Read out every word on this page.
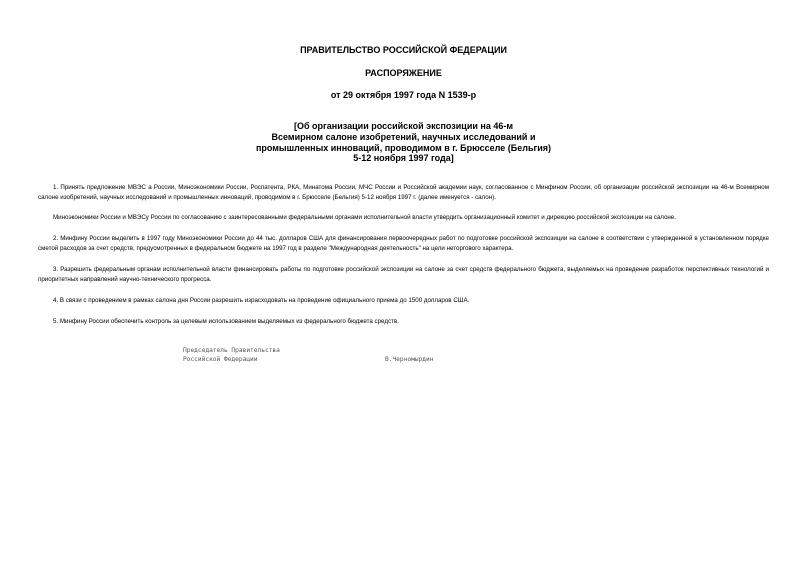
ПРАВИТЕЛЬСТВО РОССИЙСКОЙ ФЕДЕРАЦИИ
РАСПОРЯЖЕНИЕ
от 29 октября 1997 года N 1539-р
[Об организации российской экспозиции на 46-м
Всемирном салоне изобретений, научных исследований и
промышленных инноваций, проводимом в г. Брюсселе (Бельгия)
5-12 ноября 1997 года]
1. Принять предложение МВЭС а России, Миноэкономики России, Роспатента, РКА, Минатома России, МЧС России и Российской академии наук, согласованное с Минфином России, об организации российской экспозиции на 46-м Всемирном салоне изобретений, научных исследований и промышленных инноваций, проводимом в г. Брюсселе (Бельгия) 5-12 ноября 1997 г. (далее именуется - салон).
Миноэкономики России и МВЭСу России по согласованию с заинтересованными федеральными органами исполнительной власти утвердить организационный комитет и дирекцию российской экспозиции на салоне.
2. Минфину России выделить в 1997 году Миноэкономики России до 44 тыс. долларов США для финансирования первоочередных работ по подготовке российской экспозиции на салоне в соответствии с утвержденной в установленном порядке сметой расходов за счет средств, предусмотренных в федеральном бюджете на 1997 год в разделе "Международная деятельность" на цели неторгового характера.
3. Разрешить федеральным органам исполнительной власти финансировать работы по подготовке российской экспозиции на салоне за счет средств федерального бюджета, выделяемых на проведение разработок перспективных технологий и приоритетных направлений научно-технического прогресса.
4. В связи с проведением в рамках салона дня России разрешить израсходовать на проведение официального приема до 1500 долларов США.
5. Минфину России обеспечить контроль за целевым использованием выделяемых из федерального бюджета средств.
Председатель Правительства
Российской Федерации	В.Черномырдин
